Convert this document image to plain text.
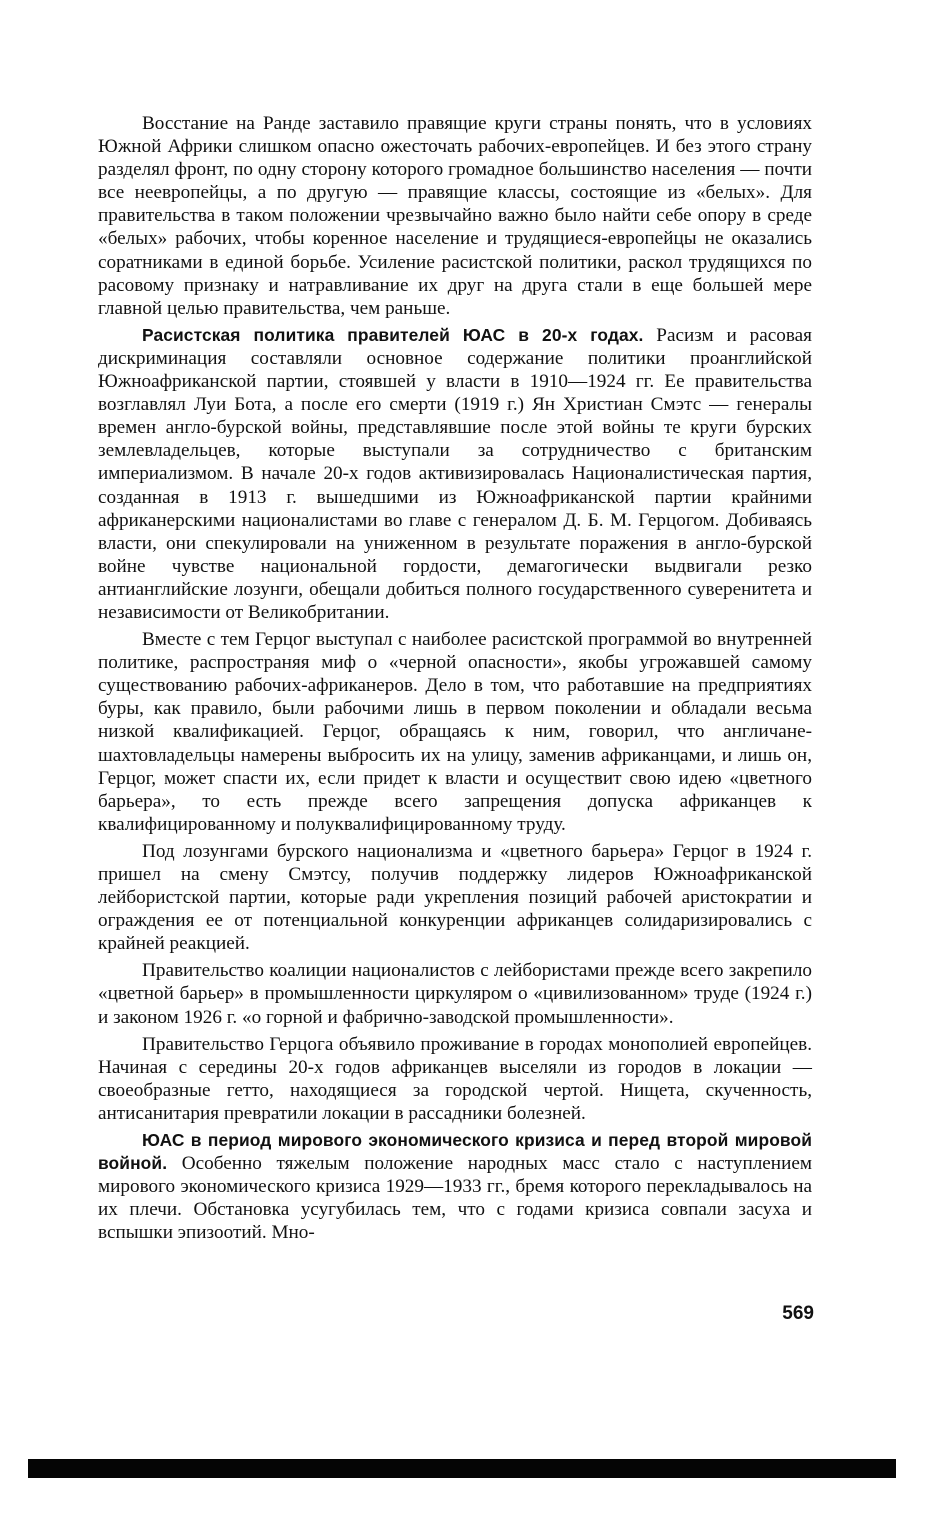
Восстание на Ранде заставило правящие круги страны понять, что в условиях Южной Африки слишком опасно ожесточать рабочих-европейцев. И без этого страну разделял фронт, по одну сторону которого громадное большинство населения — почти все неевропейцы, а по другую — правящие классы, состоящие из «белых». Для правительства в таком положении чрезвычайно важно было найти себе опору в среде «белых» рабочих, чтобы коренное население и трудящиеся-европейцы не оказались соратниками в единой борьбе. Усиление расистской политики, раскол трудящихся по расовому признаку и натравливание их друг на друга стали в еще большей мере главной целью правительства, чем раньше.

Расистская политика правителей ЮАС в 20-х годах. Расизм и расовая дискриминация составляли основное содержание политики проанглийской Южноафриканской партии, стоявшей у власти в 1910—1924 гг. Ее правительства возглавлял Луи Бота, а после его смерти (1919 г.) Ян Христиан Смэтс — генералы времен англо-бурской войны, представлявшие после этой войны те круги бурских землевладельцев, которые выступали за сотрудничество с британским империализмом. В начале 20-х годов активизировалась Националистическая партия, созданная в 1913 г. вышедшими из Южноафриканской партии крайними африканерскими националистами во главе с генералом Д. Б. М. Герцогом. Добиваясь власти, они спекулировали на униженном в результате поражения в англо-бурской войне чувстве национальной гордости, демагогически выдвигали резко антианглийские лозунги, обещали добиться полного государственного суверенитета и независимости от Великобритании.

Вместе с тем Герцог выступал с наиболее расистской программой во внутренней политике, распространяя миф о «черной опасности», якобы угрожавшей самому существованию рабочих-африканеров. Дело в том, что работавшие на предприятиях буры, как правило, были рабочими лишь в первом поколении и обладали весьма низкой квалификацией. Герцог, обращаясь к ним, говорил, что англичане-шахтовладельцы намерены выбросить их на улицу, заменив африканцами, и лишь он, Герцог, может спасти их, если придет к власти и осуществит свою идею «цветного барьера», то есть прежде всего запрещения допуска африканцев к квалифицированному и полуквалифицированному труду.

Под лозунгами бурского национализма и «цветного барьера» Герцог в 1924 г. пришел на смену Смэтсу, получив поддержку лидеров Южноафриканской лейбористской партии, которые ради укрепления позиций рабочей аристократии и ограждения ее от потенциальной конкуренции африканцев солидаризировались с крайней реакцией.

Правительство коалиции националистов с лейбористами прежде всего закрепило «цветной барьер» в промышленности циркуляром о «цивилизованном» труде (1924 г.) и законом 1926 г. «о горной и фабрично-заводской промышленности».

Правительство Герцога объявило проживание в городах монополией европейцев. Начиная с середины 20-х годов африканцев выселяли из городов в локации — своеобразные гетто, находящиеся за городской чертой. Нищета, скученность, антисанитария превратили локации в рассадники болезней.

ЮАС в период мирового экономического кризиса и перед второй мировой войной. Особенно тяжелым положение народных масс стало с наступлением мирового экономического кризиса 1929—1933 гг., бремя которого перекладывалось на их плечи. Обстановка усугубилась тем, что с годами кризиса совпали засуха и вспышки эпизоотий. Мно-

569
